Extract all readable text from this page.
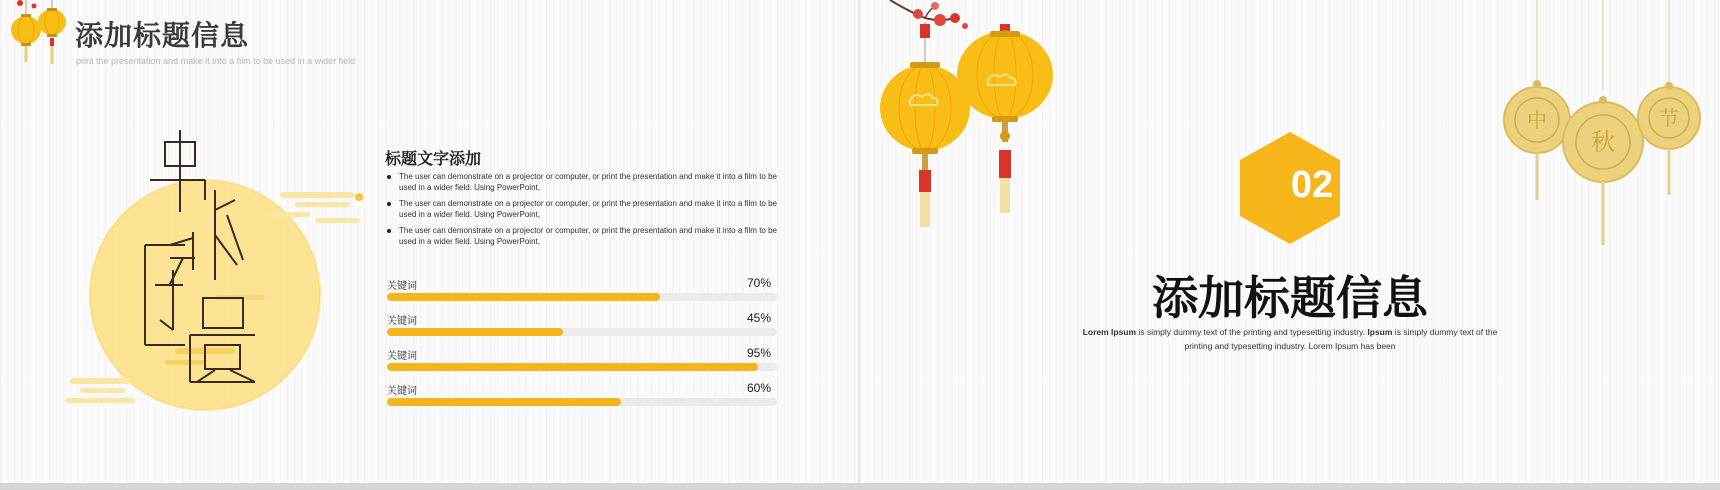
添加标题信息
print the presentation and make it into a film to be used in a wider field
中秋团圆
标题文字添加
The user can demonstrate on a projector or computer, or print the presentation and make it into a film to be used in a wider field. Using PowerPoint,
The user can demonstrate on a projector or computer, or print the presentation and make it into a film to be used in a wider field. Using PowerPoint,
The user can demonstrate on a projector or computer, or print the presentation and make it into a film to be used in a wider field. Using PowerPoint,
关键词	70%
关键词	45%
关键词	95%
关键词	60%
中
秋
节
02
添加标题信息
Lorem Ipsum is simply dummy text of the printing and typesetting industry. Ipsum is simply dummy text of the printing and typesetting industry. Lorem Ipsum has been
